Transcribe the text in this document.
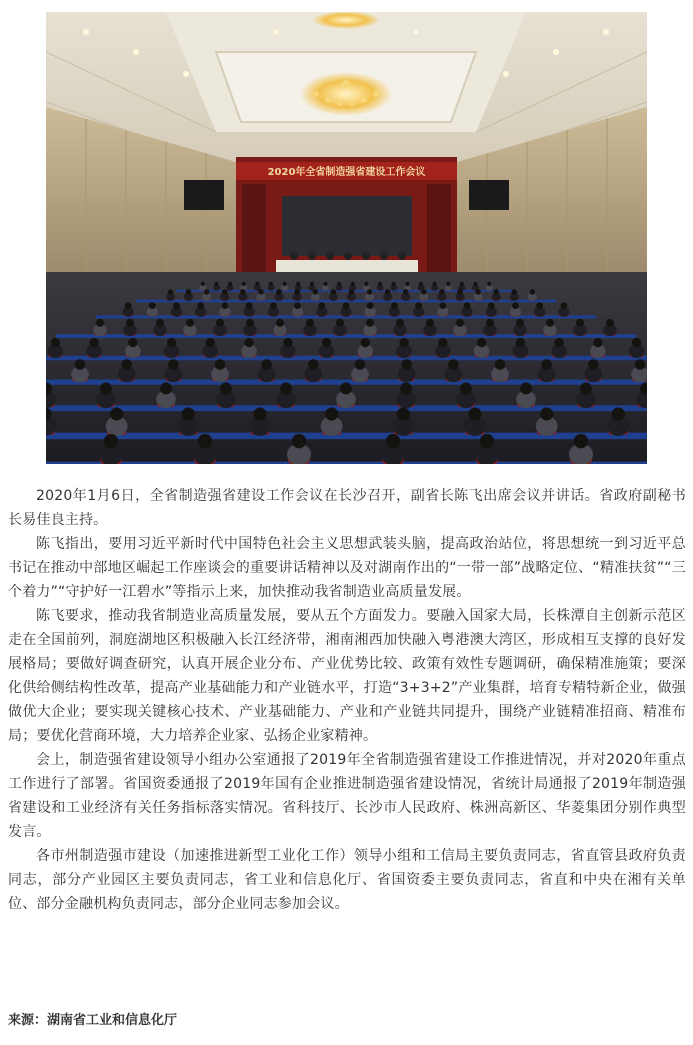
2020年全省制造强省建设工作会议

2020年1月6日，全省制造强省建设工作会议在长沙召开，副省长陈飞出席会议并讲话。省政府副秘书长易佳良主持。

陈飞指出，要用习近平新时代中国特色社会主义思想武装头脑，提高政治站位，将思想统一到习近平总书记在推动中部地区崛起工作座谈会的重要讲话精神以及对湖南作出的“一带一部”战略定位、“精准扶贫”“三个着力”“守护好一江碧水”等指示上来，加快推动我省制造业高质量发展。

陈飞要求，推动我省制造业高质量发展，要从五个方面发力。要融入国家大局，长株潭自主创新示范区走在全国前列，洞庭湖地区积极融入长江经济带，湘南湘西加快融入粤港澳大湾区，形成相互支撑的良好发展格局；要做好调查研究，认真开展企业分布、产业优势比较、政策有效性专题调研，确保精准施策；要深化供给侧结构性改革，提高产业基础能力和产业链水平，打造“3+3+2”产业集群，培育专精特新企业，做强做优大企业；要实现关键核心技术、产业基础能力、产业和产业链共同提升，围绕产业链精准招商、精准布局；要优化营商环境，大力培养企业家、弘扬企业家精神。

会上，制造强省建设领导小组办公室通报了2019年全省制造强省建设工作推进情况，并对2020年重点工作进行了部署。省国资委通报了2019年国有企业推进制造强省建设情况，省统计局通报了2019年制造强省建设和工业经济有关任务指标落实情况。省科技厅、长沙市人民政府、株洲高新区、华菱集团分别作典型发言。

各市州制造强市建设（加速推进新型工业化工作）领导小组和工信局主要负责同志，省直管县政府负责同志，部分产业园区主要负责同志，省工业和信息化厅、省国资委主要负责同志，省直和中央在湘有关单位、部分金融机构负责同志，部分企业同志参加会议。

来源：湖南省工业和信息化厅
